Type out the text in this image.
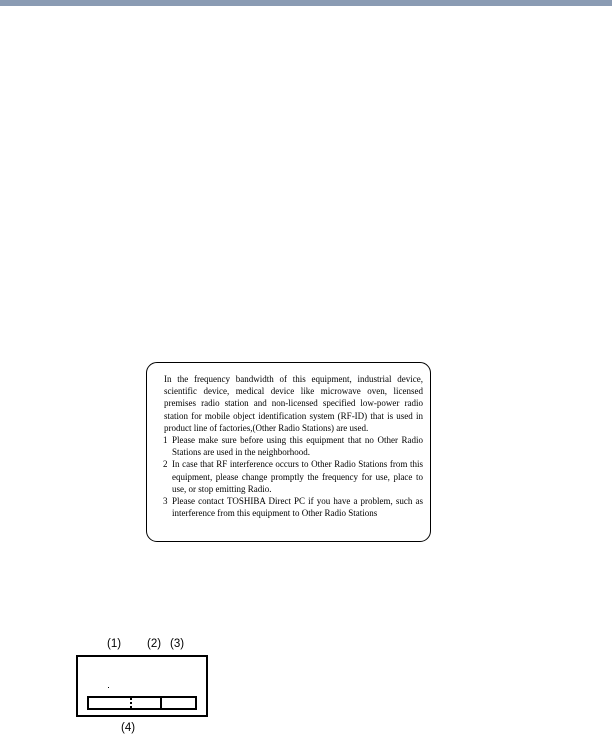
In the frequency bandwidth of this equipment, industrial device, scientific device, medical device like microwave oven, licensed premises radio station and non-licensed specified low-power radio station for mobile object identification system (RF-ID) that is used in product line of factories,(Other Radio Stations) are used.

1 Please make sure before using this equipment that no Other Radio Stations are used in the neighborhood.
2 In case that RF interference occurs to Other Radio Stations from this equipment, please change promptly the frequency for use, place to use, or stop emitting Radio.
3 Please contact TOSHIBA Direct PC if you have a problem, such as interference from this equipment to Other Radio Stations
(1) (2) (3)
(4)
